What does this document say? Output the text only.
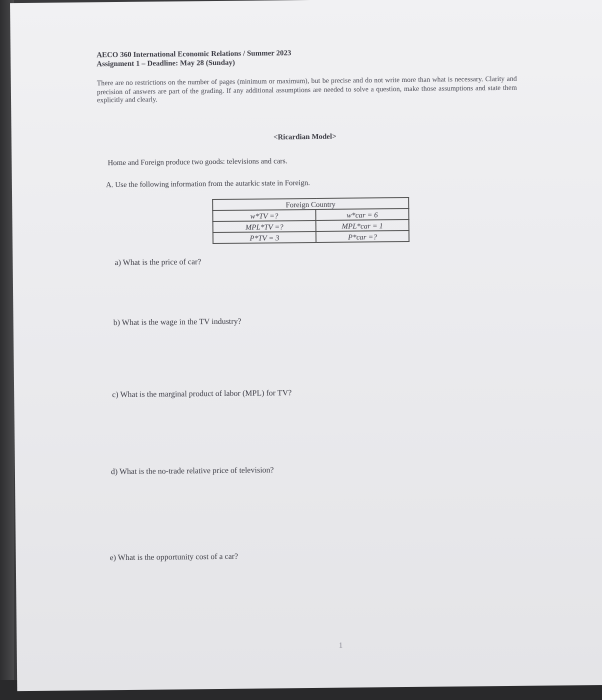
AECO 360 International Economic Relations / Summer 2023
Assignment 1 – Deadline: May 28 (Sunday)
There are no restrictions on the number of pages (minimum or maximum), but be precise and do not write more than what is necessary. Clarity and precision of answers are part of the grading. If any additional assumptions are needed to solve a question, make those assumptions and state them explicitly and clearly.
<Ricardian Model>
Home and Foreign produce two goods: televisions and cars.
A. Use the following information from the autarkic state in Foreign.
Foreign Country	
w*TV =?	w*car = 6
MPL*TV =?	MPL*car = 1
P*TV = 3	P*car =?
a) What is the price of car?
b) What is the wage in the TV industry?
c) What is the marginal product of labor (MPL) for TV?
d) What is the no-trade relative price of television?
e) What is the opportunity cost of a car?
1
